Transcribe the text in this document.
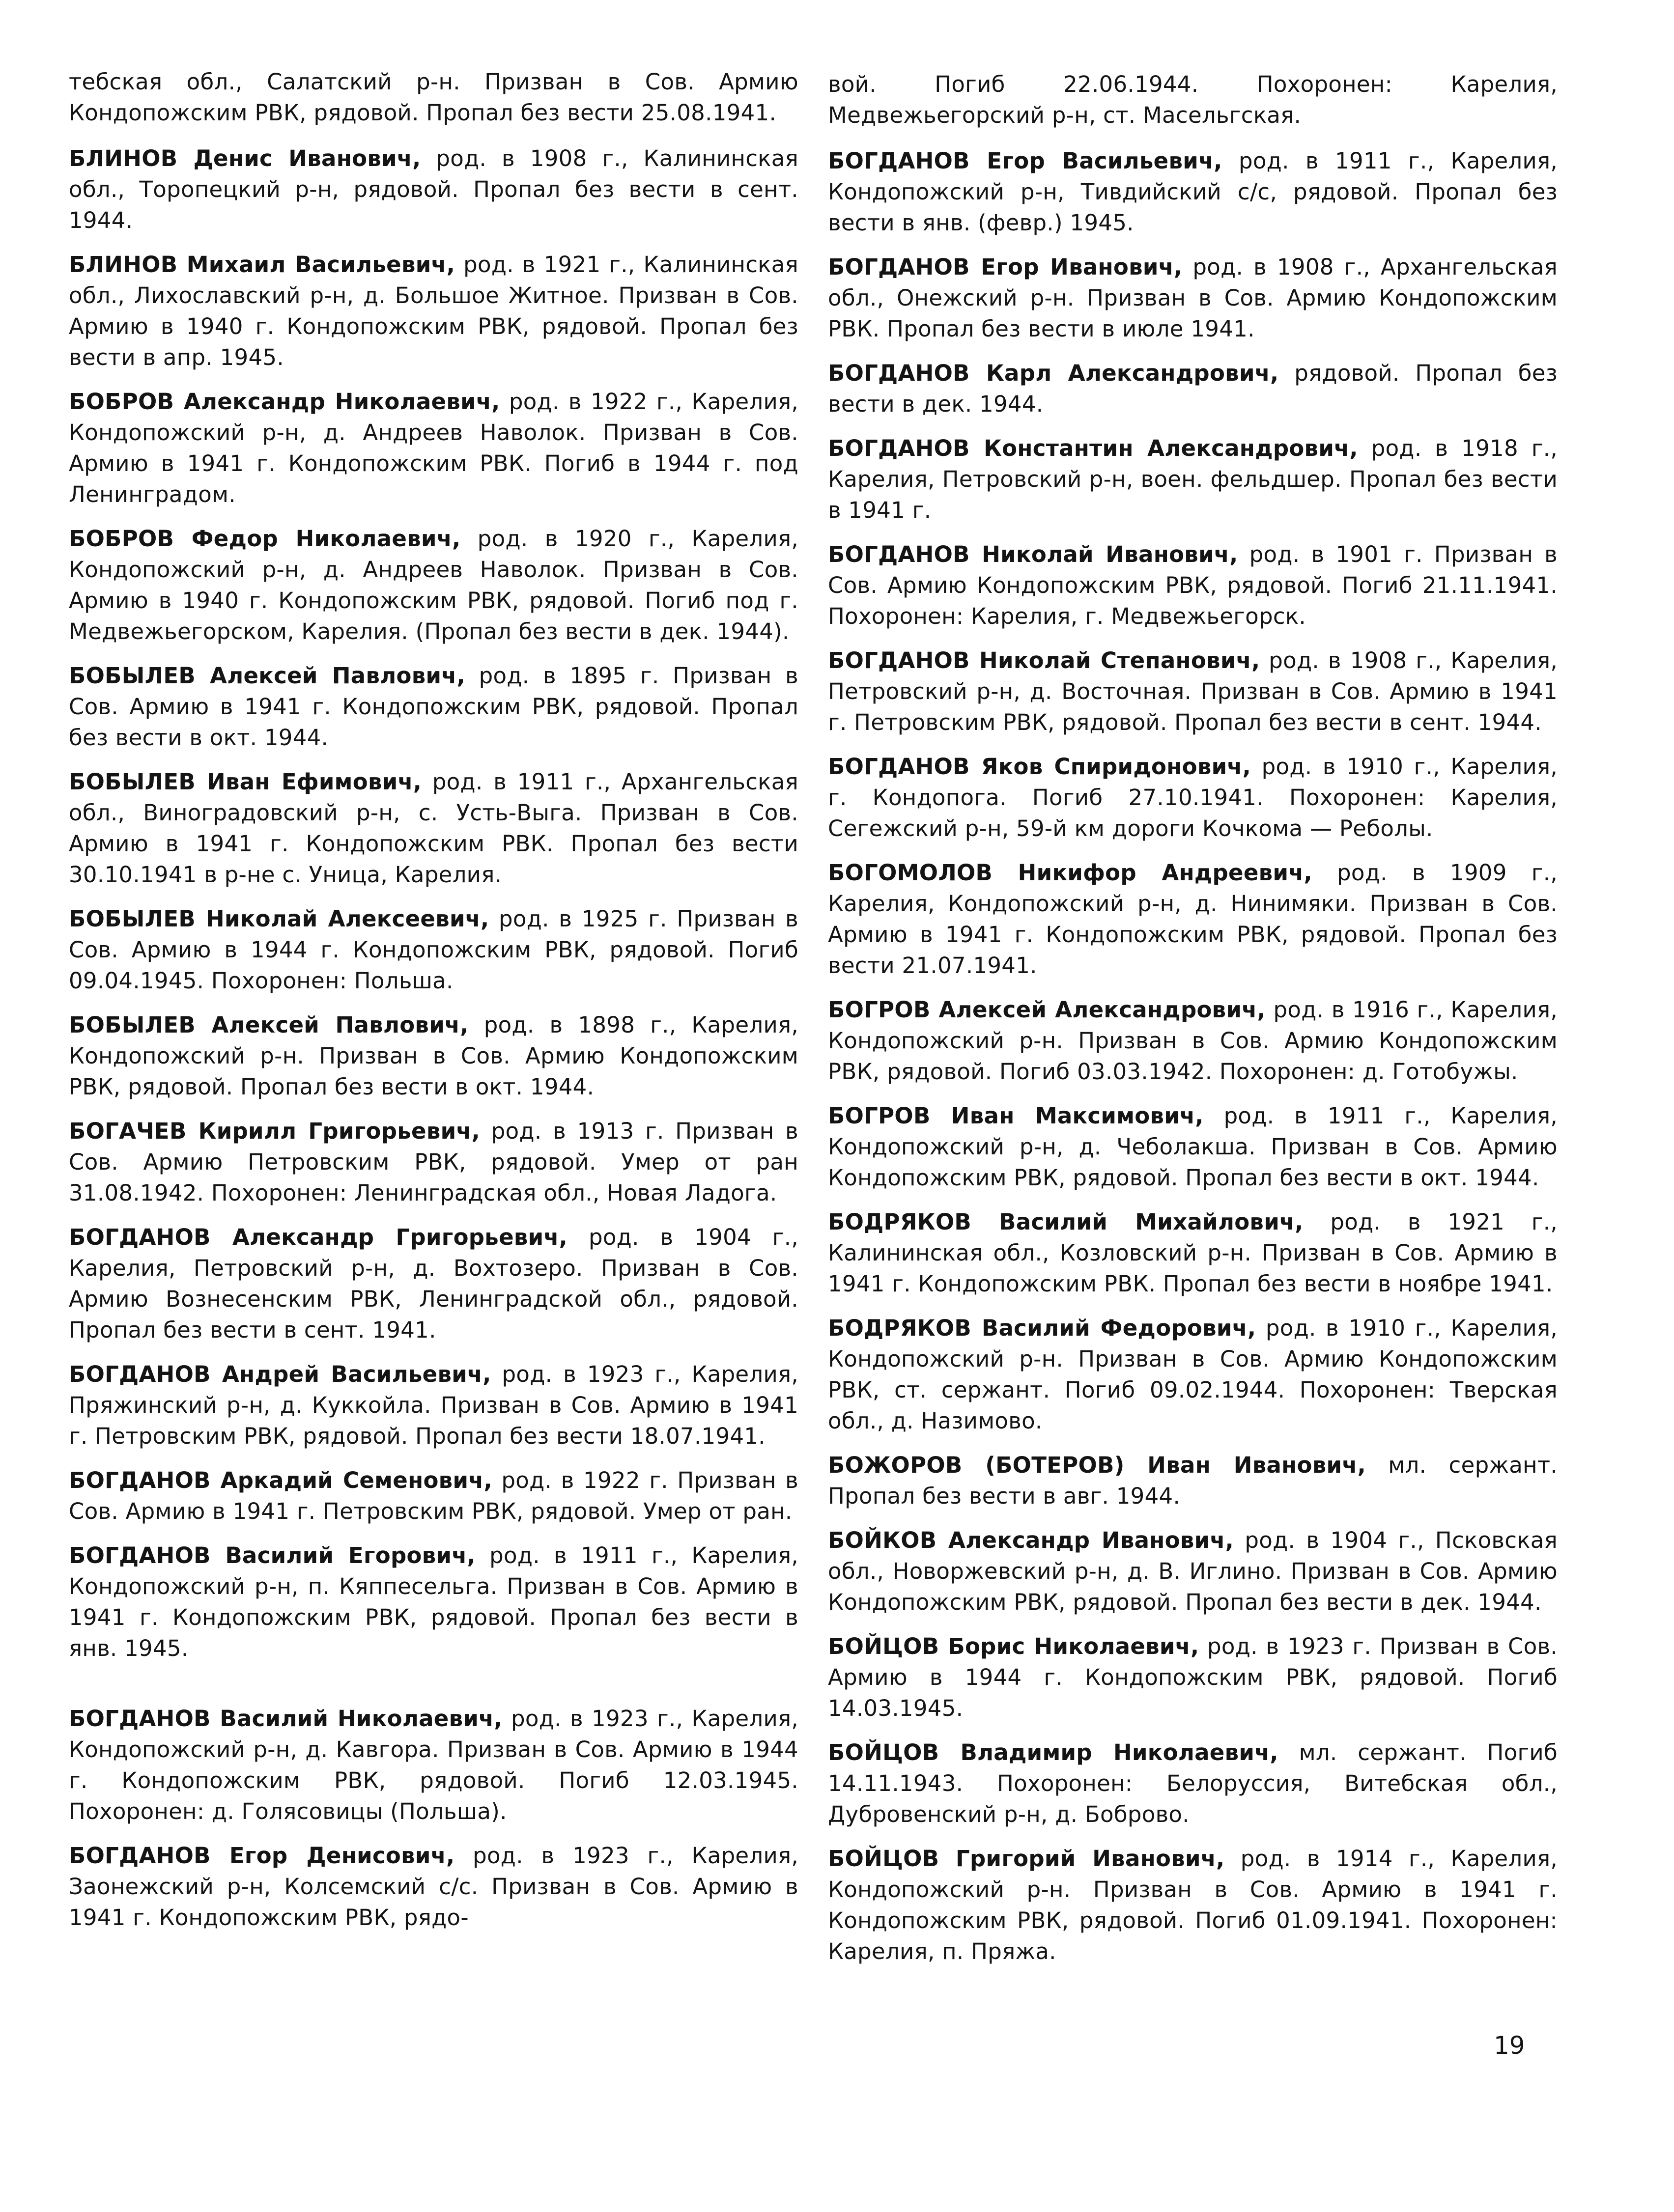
тебская обл., Салатский р-н. Призван в Сов. Армию Кондопожским РВК, рядовой. Пропал без вести 25.08.1941.

БЛИНОВ Денис Иванович, род. в 1908 г., Калининская обл., Торопецкий р-н, рядовой. Пропал без вести в сент. 1944.

БЛИНОВ Михаил Васильевич, род. в 1921 г., Калининская обл., Лихославский р-н, д. Большое Житное. Призван в Сов. Армию в 1940 г. Кондопожским РВК, рядовой. Пропал без вести в апр. 1945.

БОБРОВ Александр Николаевич, род. в 1922 г., Карелия, Кондопожский р-н, д. Андреев Наволок. Призван в Сов. Армию в 1941 г. Кондопожским РВК. Погиб в 1944 г. под Ленинградом.

БОБРОВ Федор Николаевич, род. в 1920 г., Карелия, Кондопожский р-н, д. Андреев Наволок. Призван в Сов. Армию в 1940 г. Кондопожским РВК, рядовой. Погиб под г. Медвежьегорском, Карелия. (Пропал без вести в дек. 1944).

БОБЫЛЕВ Алексей Павлович, род. в 1895 г. Призван в Сов. Армию в 1941 г. Кондопожским РВК, рядовой. Пропал без вести в окт. 1944.

БОБЫЛЕВ Иван Ефимович, род. в 1911 г., Архангельская обл., Виноградовский р-н, с. Усть-Выга. Призван в Сов. Армию в 1941 г. Кондопожским РВК. Пропал без вести 30.10.1941 в р-не с. Уница, Карелия.

БОБЫЛЕВ Николай Алексеевич, род. в 1925 г. Призван в Сов. Армию в 1944 г. Кондопожским РВК, рядовой. Погиб 09.04.1945. Похоронен: Польша.

БОБЫЛЕВ Алексей Павлович, род. в 1898 г., Карелия, Кондопожский р-н. Призван в Сов. Армию Кондопожским РВК, рядовой. Пропал без вести в окт. 1944.

БОГАЧЕВ Кирилл Григорьевич, род. в 1913 г. Призван в Сов. Армию Петровским РВК, рядовой. Умер от ран 31.08.1942. Похоронен: Ленинградская обл., Новая Ладога.

БОГДАНОВ Александр Григорьевич, род. в 1904 г., Карелия, Петровский р-н, д. Вохтозеро. Призван в Сов. Армию Вознесенским РВК, Ленинградской обл., рядовой. Пропал без вести в сент. 1941.

БОГДАНОВ Андрей Васильевич, род. в 1923 г., Карелия, Пряжинский р-н, д. Куккойла. Призван в Сов. Армию в 1941 г. Петровским РВК, рядовой. Пропал без вести 18.07.1941.

БОГДАНОВ Аркадий Семенович, род. в 1922 г. Призван в Сов. Армию в 1941 г. Петровским РВК, рядовой. Умер от ран.

БОГДАНОВ Василий Егорович, род. в 1911 г., Карелия, Кондопожский р-н, п. Кяппесельга. Призван в Сов. Армию в 1941 г. Кондопожским РВК, рядовой. Пропал без вести в янв. 1945.

БОГДАНОВ Василий Николаевич, род. в 1923 г., Карелия, Кондопожский р-н, д. Кавгора. Призван в Сов. Армию в 1944 г. Кондопожским РВК, рядовой. Погиб 12.03.1945. Похоронен: д. Голясовицы (Польша).

БОГДАНОВ Егор Денисович, род. в 1923 г., Карелия, Заонежский р-н, Колсемский с/с. Призван в Сов. Армию в 1941 г. Кондопожским РВК, рядо-

вой. Погиб 22.06.1944. Похоронен: Карелия, Медвежьегорский р-н, ст. Масельгская.

БОГДАНОВ Егор Васильевич, род. в 1911 г., Карелия, Кондопожский р-н, Тивдийский с/с, рядовой. Пропал без вести в янв. (февр.) 1945.

БОГДАНОВ Егор Иванович, род. в 1908 г., Архангельская обл., Онежский р-н. Призван в Сов. Армию Кондопожским РВК. Пропал без вести в июле 1941.

БОГДАНОВ Карл Александрович, рядовой. Пропал без вести в дек. 1944.

БОГДАНОВ Константин Александрович, род. в 1918 г., Карелия, Петровский р-н, воен. фельдшер. Пропал без вести в 1941 г.

БОГДАНОВ Николай Иванович, род. в 1901 г. Призван в Сов. Армию Кондопожским РВК, рядовой. Погиб 21.11.1941. Похоронен: Карелия, г. Медвежьегорск.

БОГДАНОВ Николай Степанович, род. в 1908 г., Карелия, Петровский р-н, д. Восточная. Призван в Сов. Армию в 1941 г. Петровским РВК, рядовой. Пропал без вести в сент. 1944.

БОГДАНОВ Яков Спиридонович, род. в 1910 г., Карелия, г. Кондопога. Погиб 27.10.1941. Похоронен: Карелия, Сегежский р-н, 59-й км дороги Кочкома — Реболы.

БОГОМОЛОВ Никифор Андреевич, род. в 1909 г., Карелия, Кондопожский р-н, д. Нинимяки. Призван в Сов. Армию в 1941 г. Кондопожским РВК, рядовой. Пропал без вести 21.07.1941.

БОГРОВ Алексей Александрович, род. в 1916 г., Карелия, Кондопожский р-н. Призван в Сов. Армию Кондопожским РВК, рядовой. Погиб 03.03.1942. Похоронен: д. Готобужы.

БОГРОВ Иван Максимович, род. в 1911 г., Карелия, Кондопожский р-н, д. Чеболакша. Призван в Сов. Армию Кондопожским РВК, рядовой. Пропал без вести в окт. 1944.

БОДРЯКОВ Василий Михайлович, род. в 1921 г., Калининская обл., Козловский р-н. Призван в Сов. Армию в 1941 г. Кондопожским РВК. Пропал без вести в ноябре 1941.

БОДРЯКОВ Василий Федорович, род. в 1910 г., Карелия, Кондопожский р-н. Призван в Сов. Армию Кондопожским РВК, ст. сержант. Погиб 09.02.1944. Похоронен: Тверская обл., д. Назимово.

БОЖОРОВ (БОТЕРОВ) Иван Иванович, мл. сержант. Пропал без вести в авг. 1944.

БОЙКОВ Александр Иванович, род. в 1904 г., Псковская обл., Новоржевский р-н, д. В. Иглино. Призван в Сов. Армию Кондопожским РВК, рядовой. Пропал без вести в дек. 1944.

БОЙЦОВ Борис Николаевич, род. в 1923 г. Призван в Сов. Армию в 1944 г. Кондопожским РВК, рядовой. Погиб 14.03.1945.

БОЙЦОВ Владимир Николаевич, мл. сержант. Погиб 14.11.1943. Похоронен: Белоруссия, Витебская обл., Дубровенский р-н, д. Боброво.

БОЙЦОВ Григорий Иванович, род. в 1914 г., Карелия, Кондопожский р-н. Призван в Сов. Армию в 1941 г. Кондопожским РВК, рядовой. Погиб 01.09.1941. Похоронен: Карелия, п. Пряжа.

19
